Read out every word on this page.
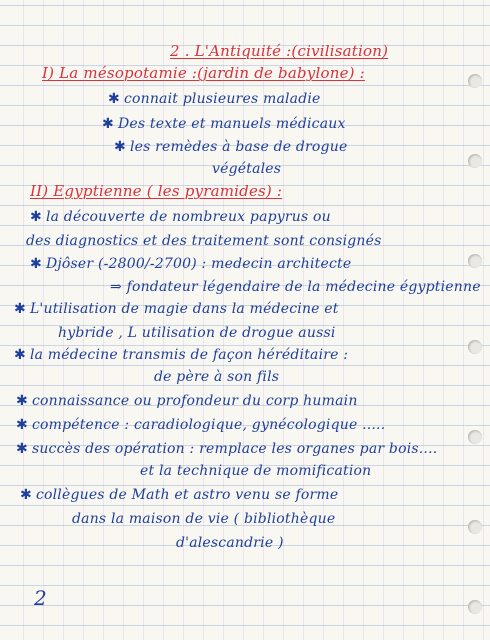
2 . L'Antiquité :(civilisation)
I) La mésopotamie :(jardin de babylone) :
✱ connait plusieures maladie
✱ Des texte et manuels médicaux
✱ les remèdes à base de drogue
végétales
II) Egyptienne ( les pyramides) :
✱ la découverte de nombreux papyrus ou
des diagnostics et des traitement sont consignés
✱ Djôser (-2800/-2700) : medecin architecte
⇒ fondateur légendaire de la médecine égyptienne
✱ L'utilisation de magie dans la médecine et
hybride , L utilisation de drogue aussi
✱ la médecine transmis de façon héréditaire :
de père à son fils
✱ connaissance ou profondeur du corp humain
✱ compétence : caradiologique, gynécologique .....
✱ succès des opération : remplace les organes par bois....
et la technique de momification
✱ collègues de Math et astro venu se forme
dans la maison de vie ( bibliothèque
d'alescandrie )
2
